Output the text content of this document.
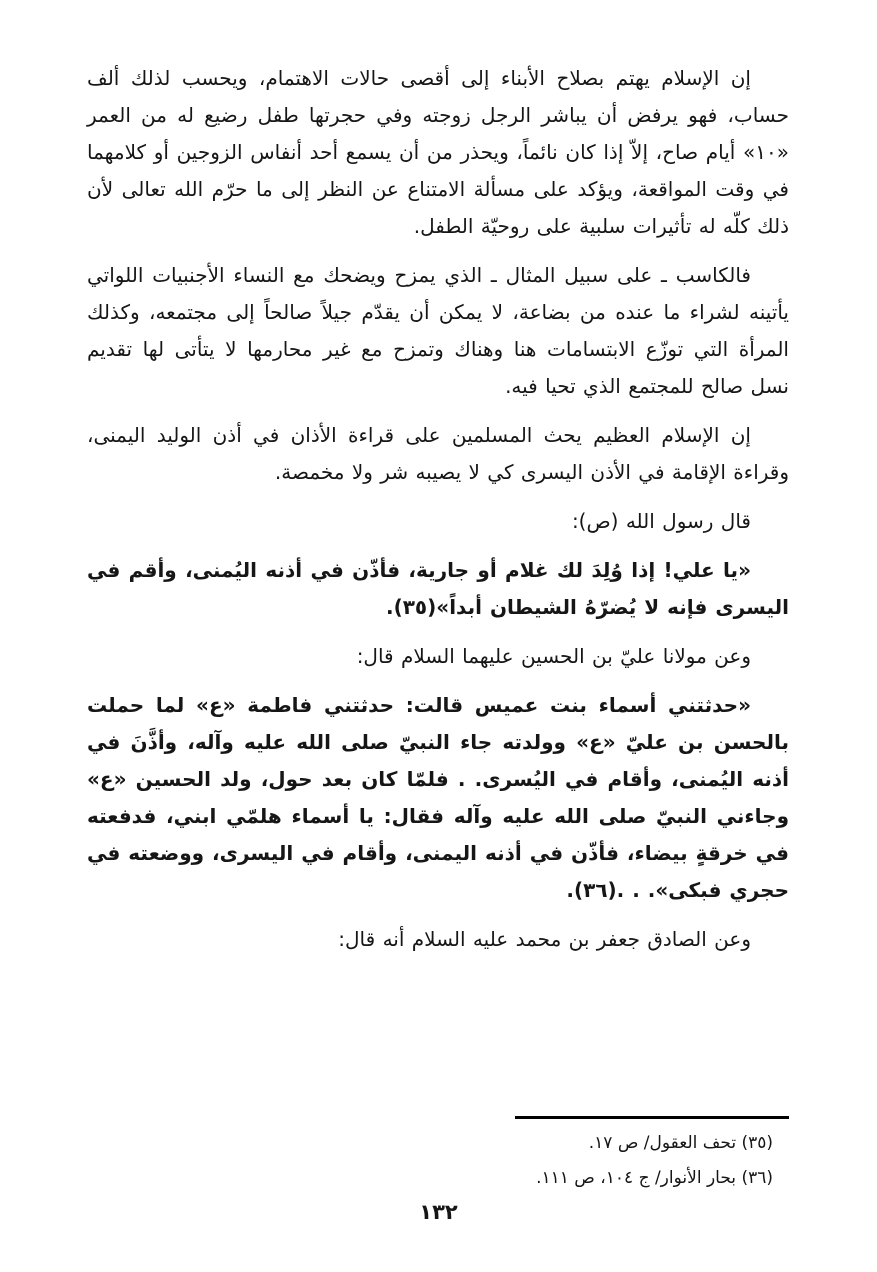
إن الإسلام يهتم بصلاح الأبناء إلى أقصى حالات الاهتمام، ويحسب لذلك ألف حساب، فهو يرفض أن يباشر الرجل زوجته وفي حجرتها طفل رضيع له من العمر «١٠» أيام صاح، إلاّ إذا كان نائماً، ويحذر من أن يسمع أحد أنفاس الزوجين أو كلامهما في وقت المواقعة، ويؤكد على مسألة الامتناع عن النظر إلى ما حرّم الله تعالى لأن ذلك كلّه له تأثيرات سلبية على روحيّة الطفل.

فالكاسب ـ على سبيل المثال ـ الذي يمزح ويضحك مع النساء الأجنبيات اللواتي يأتينه لشراء ما عنده من بضاعة، لا يمكن أن يقدّم جيلاً صالحاً إلى مجتمعه، وكذلك المرأة التي توزّع الابتسامات هنا وهناك وتمزح مع غير محارمها لا يتأتى لها تقديم نسل صالح للمجتمع الذي تحيا فيه.

إن الإسلام العظيم يحث المسلمين على قراءة الأذان في أذن الوليد اليمنى، وقراءة الإقامة في الأذن اليسرى كي لا يصيبه شر ولا مخمصة.

قال رسول الله (ص):

«يا علي! إذا وُلِدَ لك غلام أو جارية، فأذّن في أذنه اليُمنى، وأقم في اليسرى فإنه لا يُضرّهُ الشيطان أبداً»(٣٥).

وعن مولانا عليّ بن الحسين عليهما السلام قال:

«حدثتني أسماء بنت عميس قالت: حدثتني فاطمة «ع» لما حملت بالحسن بن عليّ «ع» وولدته جاء النبيّ صلى الله عليه وآله، وأذَّنَ في أذنه اليُمنى، وأقام في اليُسرى. . فلمّا كان بعد حول، ولد الحسين «ع» وجاءني النبيّ صلى الله عليه وآله فقال: يا أسماء هلمّي ابني، فدفعته في خرقةٍ بيضاء، فأذّن في أذنه اليمنى، وأقام في اليسرى، ووضعته في حجري فبكى». . .(٣٦).

وعن الصادق جعفر بن محمد عليه السلام أنه قال:

(٣٥) تحف العقول/ ص ١٧.

(٣٦) بحار الأنوار/ ج ١٠٤، ص ١١١.

١٣٢
